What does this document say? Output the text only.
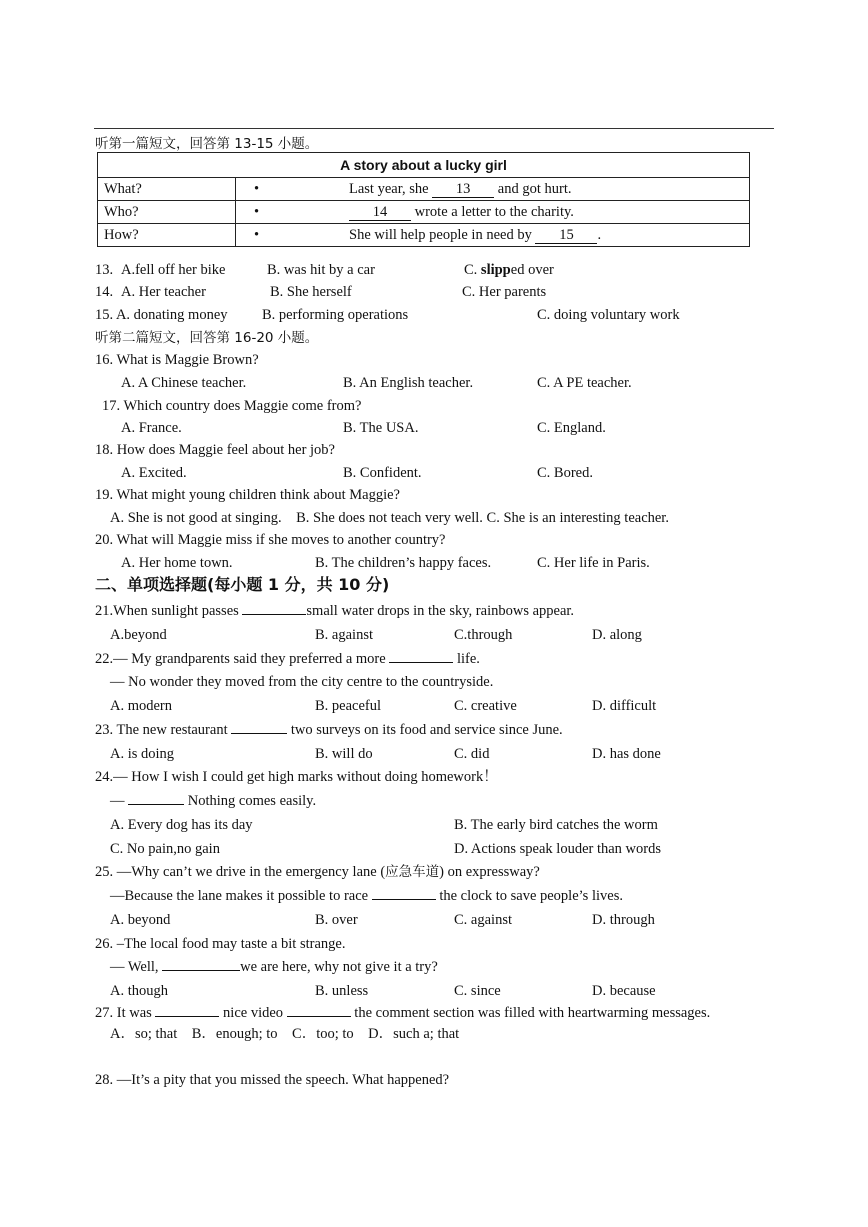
听第一篇短文，回答第 13-15 小题。
A story about a lucky girl	
What?	• Last year, she 13 and got hurt.
Who?	• 14 wrote a letter to the charity.
How?	• She will help people in need by 15 .
13. A.fell off her bike	B. was hit by a car	C. slipped over
14. A. Her teacher	B. She herself	C. Her parents
15. A. donating money B. performing operations	C. doing voluntary work
听第二篇短文，回答第 16-20 小题。
16. What is Maggie Brown?
A. A Chinese teacher.	B. An English teacher.	C. A PE teacher.
17. Which country does Maggie come from?
A. France.	B. The USA.	C. England.
18. How does Maggie feel about her job?
A. Excited.	B. Confident.	C. Bored.
19. What might young children think about Maggie?
A. She is not good at singing.    B. She does not teach very well. C. She is an interesting teacher.
20. What will Maggie miss if she moves to another country?
A. Her home town.	B. The children’s happy faces.	C. Her life in Paris.
二、单项选择题(每小题 1 分，共 10 分)
21.When sunlight passes	small water drops in the sky, rainbows appear.
A.beyond	B. against	C.through	D. along
22.— My grandparents said they preferred a more	life.
— No wonder they moved from the city centre to the countryside.
A. modern	B. peaceful	C. creative	D. difficult
23. The new restaurant	two surveys on its food and service since June.
A. is doing	B. will do	C. did	D. has done
24.— How I wish I could get high marks without doing homework！
—	Nothing comes easily.
A. Every dog has its day	B. The early bird catches the worm
C. No pain,no gain	D. Actions speak louder than words
25. —Why can’t we drive in the emergency lane (应急车道) on expressway?
—Because the lane makes it possible to race	the clock to save people’s lives.
A. beyond	B. over	C. against	D. through
26. –The local food may taste a bit strange.
— Well,	we are here, why not give it a try?
A. though	B. unless	C. since	D. because
27. It was	nice video	the comment section was filled with heartwarming messages.
A．so; that    B．enough; to    C．too; to    D．such a; that
28. —It’s a pity that you missed the speech. What happened?
